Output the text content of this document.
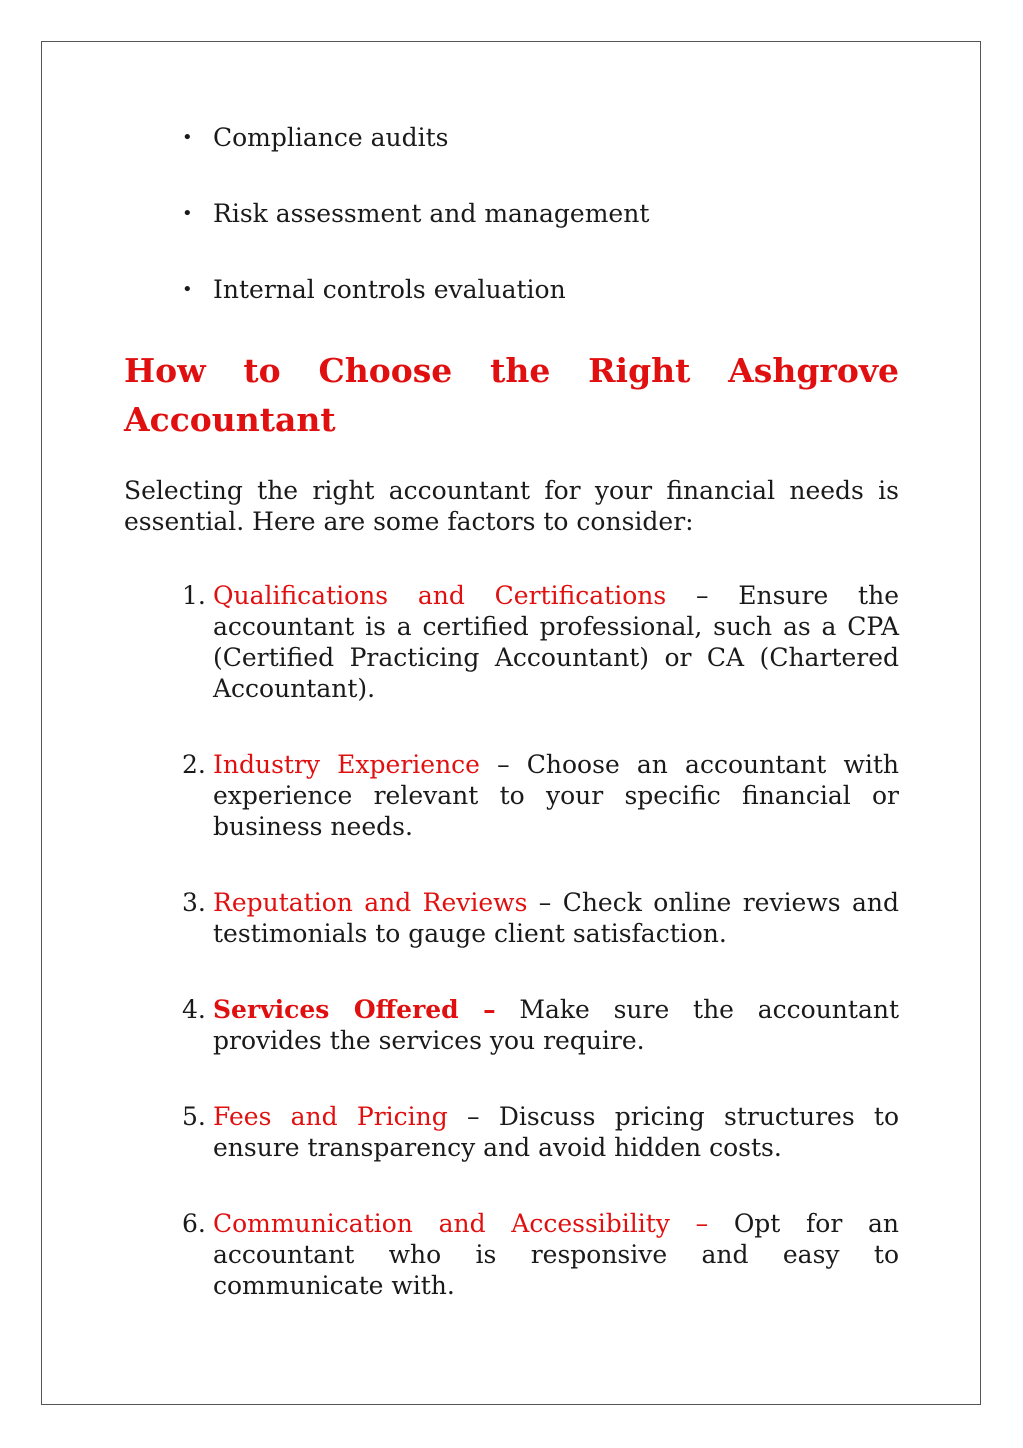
• Compliance audits
• Risk assessment and management
• Internal controls evaluation
How to Choose the Right Ashgrove Accountant

Selecting the right accountant for your financial needs is essential. Here are some factors to consider:

1. Qualifications and Certifications – Ensure the accountant is a certified professional, such as a CPA (Certified Practicing Accountant) or CA (Chartered Accountant).
2. Industry Experience – Choose an accountant with experience relevant to your specific financial or business needs.
3. Reputation and Reviews – Check online reviews and testimonials to gauge client satisfaction.
4. Services Offered – Make sure the accountant provides the services you require.
5. Fees and Pricing – Discuss pricing structures to ensure transparency and avoid hidden costs.
6. Communication and Accessibility – Opt for an accountant who is responsive and easy to communicate with.
